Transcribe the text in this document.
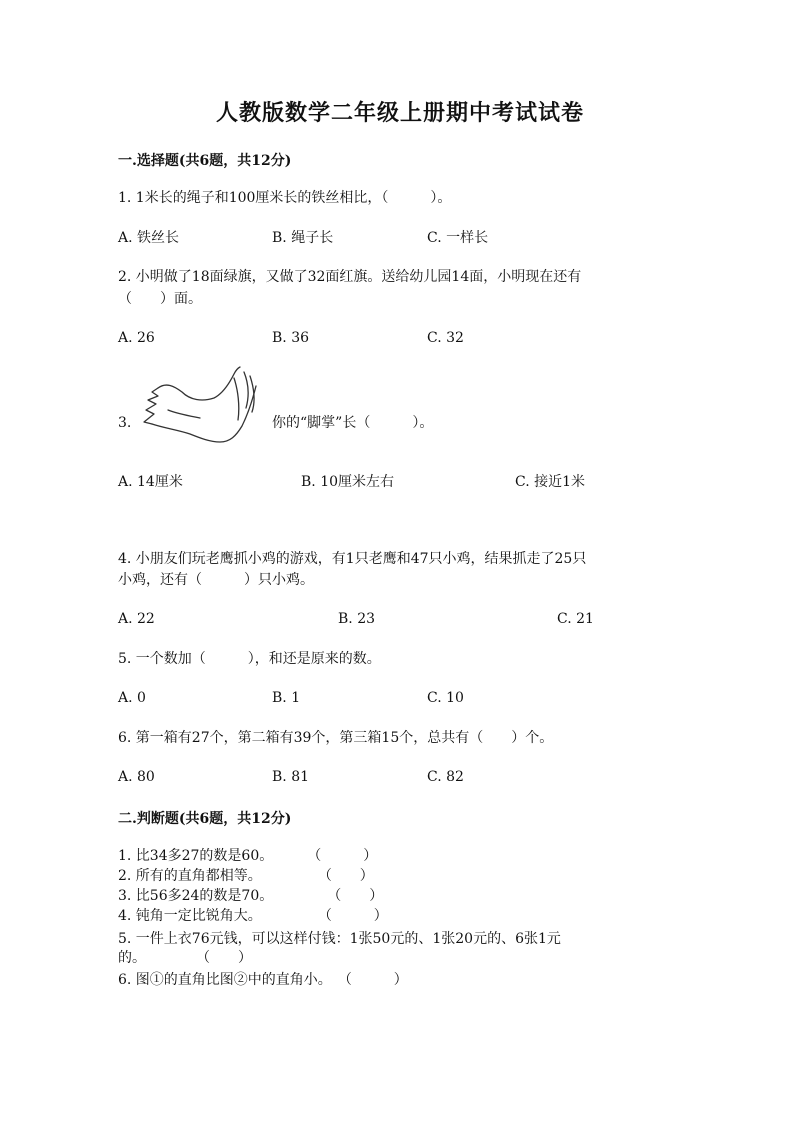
人教版数学二年级上册期中考试试卷
一.选择题(共6题，共12分)
1. 1米长的绳子和100厘米长的铁丝相比，（　　　）。
A. 铁丝长	B. 绳子长	C. 一样长
2. 小明做了18面绿旗，又做了32面红旗。送给幼儿园14面，小明现在还有
（　　）面。
A. 26	B. 36	C. 32
3.	你的“脚掌”长（　　　）。
A. 14厘米	B. 10厘米左右	C. 接近1米
4. 小朋友们玩老鹰抓小鸡的游戏，有1只老鹰和47只小鸡，结果抓走了25只
小鸡，还有（　　　）只小鸡。
A. 22	B. 23	C. 21
5. 一个数加（　　　），和还是原来的数。
A. 0	B. 1	C. 10
6. 第一箱有27个，第二箱有39个，第三箱15个，总共有（　　）个。
A. 80	B. 81	C. 82
二.判断题(共6题，共12分)
1. 比34多27的数是60。 （　　　）
2. 所有的直角都相等。	（　　）
3. 比56多24的数是70。	（　　）
4. 钝角一定比锐角大。	（　　　）
5. 一件上衣76元钱，可以这样付钱：1张50元的、1张20元的、6张1元
的。	（　　）
6. 图①的直角比图②中的直角小。 （　　　）
